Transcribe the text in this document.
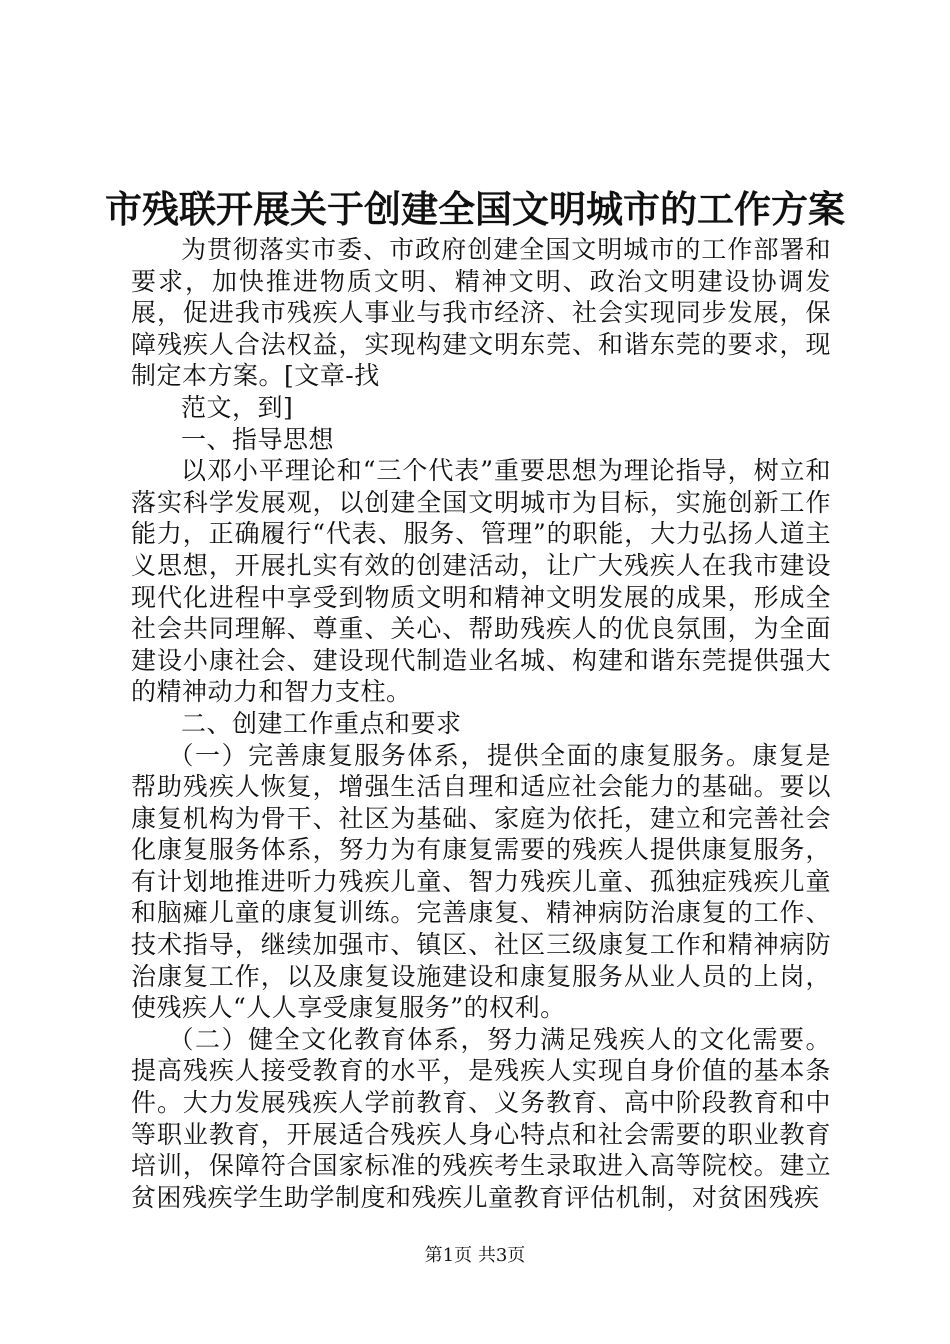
市残联开展关于创建全国文明城市的工作方案

为贯彻落实市委、市政府创建全国文明城市的工作部署和要求，加快推进物质文明、精神文明、政治文明建设协调发展，促进我市残疾人事业与我市经济、社会实现同步发展，保障残疾人合法权益，实现构建文明东莞、和谐东莞的要求，现制定本方案。[文章-找

范文，到]

一、指导思想

以邓小平理论和“三个代表”重要思想为理论指导，树立和落实科学发展观，以创建全国文明城市为目标，实施创新工作能力，正确履行“代表、服务、管理”的职能，大力弘扬人道主义思想，开展扎实有效的创建活动，让广大残疾人在我市建设现代化进程中享受到物质文明和精神文明发展的成果，形成全社会共同理解、尊重、关心、帮助残疾人的优良氛围，为全面建设小康社会、建设现代制造业名城、构建和谐东莞提供强大的精神动力和智力支柱。

二、创建工作重点和要求

（一）完善康复服务体系，提供全面的康复服务。康复是帮助残疾人恢复，增强生活自理和适应社会能力的基础。要以康复机构为骨干、社区为基础、家庭为依托，建立和完善社会化康复服务体系，努力为有康复需要的残疾人提供康复服务，有计划地推进听力残疾儿童、智力残疾儿童、孤独症残疾儿童和脑瘫儿童的康复训练。完善康复、精神病防治康复的工作、技术指导，继续加强市、镇区、社区三级康复工作和精神病防治康复工作，以及康复设施建设和康复服务从业人员的上岗，使残疾人“人人享受康复服务”的权利。

（二）健全文化教育体系，努力满足残疾人的文化需要。提高残疾人接受教育的水平，是残疾人实现自身价值的基本条件。大力发展残疾人学前教育、义务教育、高中阶段教育和中等职业教育，开展适合残疾人身心特点和社会需要的职业教育培训，保障符合国家标准的残疾考生录取进入高等院校。建立贫困残疾学生助学制度和残疾儿童教育评估机制，对贫困残疾

第1页 共3页
